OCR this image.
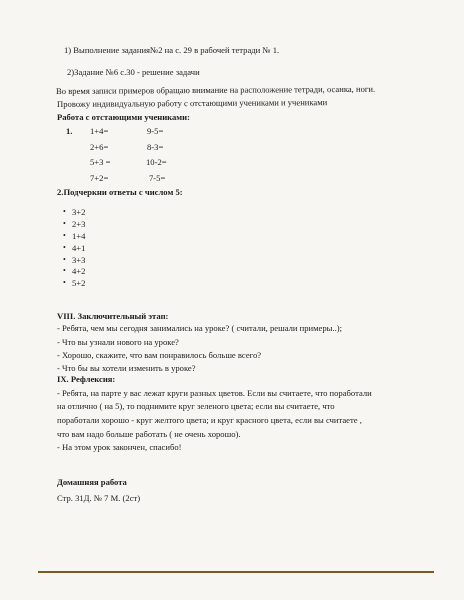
1) Выполнение задания№2 на с. 29 в рабочей тетради № 1.
2)Задание №6 с.30 - решение задачи
Во время записи примеров обращаю внимание на расположение тетради, осанка, ноги.
Провожу индивидуальную работу с отстающими учениками и учениками
Работа с отстающими учениками:
1. 1+4=
2+6=
5+3 =
7+2=
9-5=
8-3=
10-2=
7-5=
2.Подчеркни ответы с числом 5:
• 3+2
• 2+3
• 1+4
• 4+1
• 3+3
• 4+2
• 5+2
VIII. Заключительный этап:
- Ребята, чем мы сегодня занимались на уроке? ( считали, решали примеры..);
- Что вы узнали нового на уроке?
- Хорошо, скажите, что вам понравилось больше всего?
- Что бы вы хотели изменить в уроке?
IX. Рефлексия:
- Ребята, на парте у вас лежат круги разных цветов. Если вы считаете, что поработали
на отлично ( на 5), то поднимите круг зеленого цвета; если вы считаете, что
поработали хорошо - круг желтого цвета; и круг красного цвета, если вы считаете ,
что вам надо больше работать ( не очень хорошо).
- На этом урок закончен, спасибо!
Домашняя работа
Стр. 31Д. № 7 М. (2ст)
